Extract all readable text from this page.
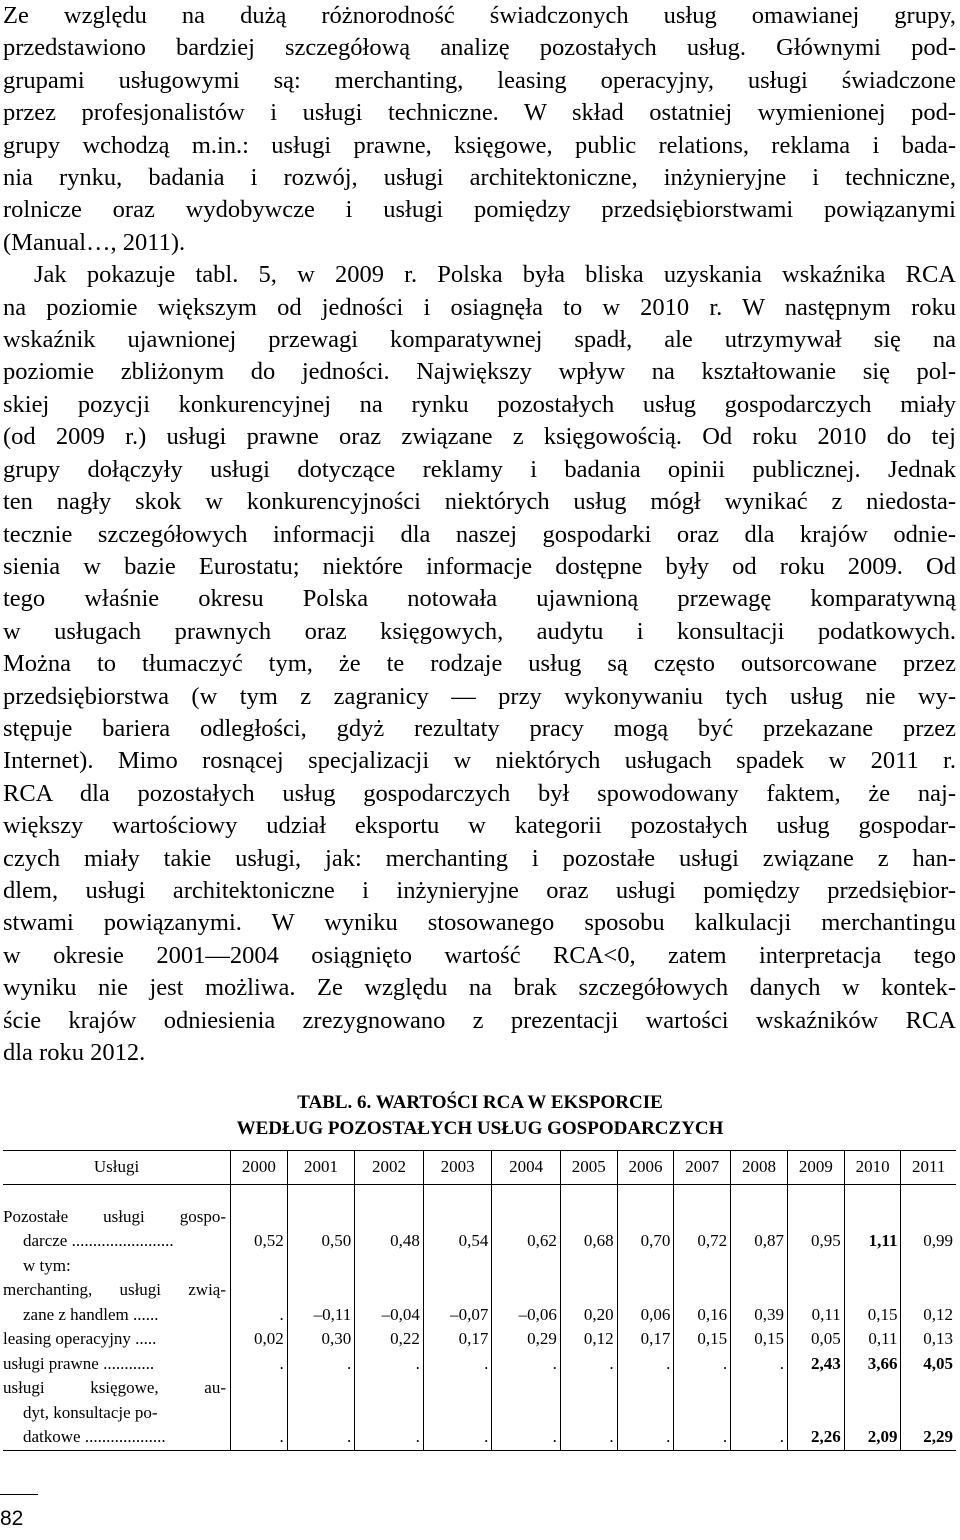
Ze względu na dużą różnorodność świadczonych usług omawianej grupy,
przedstawiono bardziej szczegółową analizę pozostałych usług. Głównymi pod-
grupami usługowymi są: merchanting, leasing operacyjny, usługi świadczone
przez profesjonalistów i usługi techniczne. W skład ostatniej wymienionej pod-
grupy wchodzą m.in.: usługi prawne, księgowe, public relations, reklama i bada-
nia rynku, badania i rozwój, usługi architektoniczne, inżynieryjne i techniczne,
rolnicze oraz wydobywcze i usługi pomiędzy przedsiębiorstwami powiązanymi
(Manual…, 2011).
Jak pokazuje tabl. 5, w 2009 r. Polska była bliska uzyskania wskaźnika RCA
na poziomie większym od jedności i osiagnęła to w 2010 r. W następnym roku
wskaźnik ujawnionej przewagi komparatywnej spadł, ale utrzymywał się na
poziomie zbliżonym do jedności. Największy wpływ na kształtowanie się pol-
skiej pozycji konkurencyjnej na rynku pozostałych usług gospodarczych miały
(od 2009 r.) usługi prawne oraz związane z księgowością. Od roku 2010 do tej
grupy dołączyły usługi dotyczące reklamy i badania opinii publicznej. Jednak
ten nagły skok w konkurencyjności niektórych usług mógł wynikać z niedosta-
tecznie szczegółowych informacji dla naszej gospodarki oraz dla krajów odnie-
sienia w bazie Eurostatu; niektóre informacje dostępne były od roku 2009. Od
tego właśnie okresu Polska notowała ujawnioną przewagę komparatywną
w usługach prawnych oraz księgowych, audytu i konsultacji podatkowych.
Można to tłumaczyć tym, że te rodzaje usług są często outsorcowane przez
przedsiębiorstwa (w tym z zagranicy — przy wykonywaniu tych usług nie wy-
stępuje bariera odległości, gdyż rezultaty pracy mogą być przekazane przez
Internet). Mimo rosnącej specjalizacji w niektórych usługach spadek w 2011 r.
RCA dla pozostałych usług gospodarczych był spowodowany faktem, że naj-
większy wartościowy udział eksportu w kategorii pozostałych usług gospodar-
czych miały takie usługi, jak: merchanting i pozostałe usługi związane z han-
dlem, usługi architektoniczne i inżynieryjne oraz usługi pomiędzy przedsiębior-
stwami powiązanymi. W wyniku stosowanego sposobu kalkulacji merchantingu
w okresie 2001—2004 osiągnięto wartość RCA<0, zatem interpretacja tego
wyniku nie jest możliwa. Ze względu na brak szczegółowych danych w kontek-
ście krajów odniesienia zrezygnowano z prezentacji wartości wskaźników RCA
dla roku 2012.
TABL. 6. WARTOŚCI RCA W EKSPORCIE
WEDŁUG POZOSTAŁYCH USŁUG GOSPODARCZYCH
Usługi	2000	2001	2002	2003	2004	2005	2006	2007	2008	2009	2010	2011

Pozostałe usługi gospo-
darcze ........................	0,52	0,50	0,48	0,54	0,62	0,68	0,70	0,72	0,87	0,95	1,11	0,99

w tym:												

merchanting, usługi zwią-
zane z handlem ......	.	–0,11	–0,04	–0,07	–0,06	0,20	0,06	0,16	0,39	0,11	0,15	0,12

leasing operacyjny .....	0,02	0,30	0,22	0,17	0,29	0,12	0,17	0,15	0,15	0,05	0,11	0,13

usługi prawne ............	.	.	.	.	.	.	.	.	.	2,43	3,66	4,05

usługi księgowe, au-
dyt, konsultacje po-
datkowe ...................	.	.	.	.	.	.	.	.	.	2,26	2,09	2,29
82
